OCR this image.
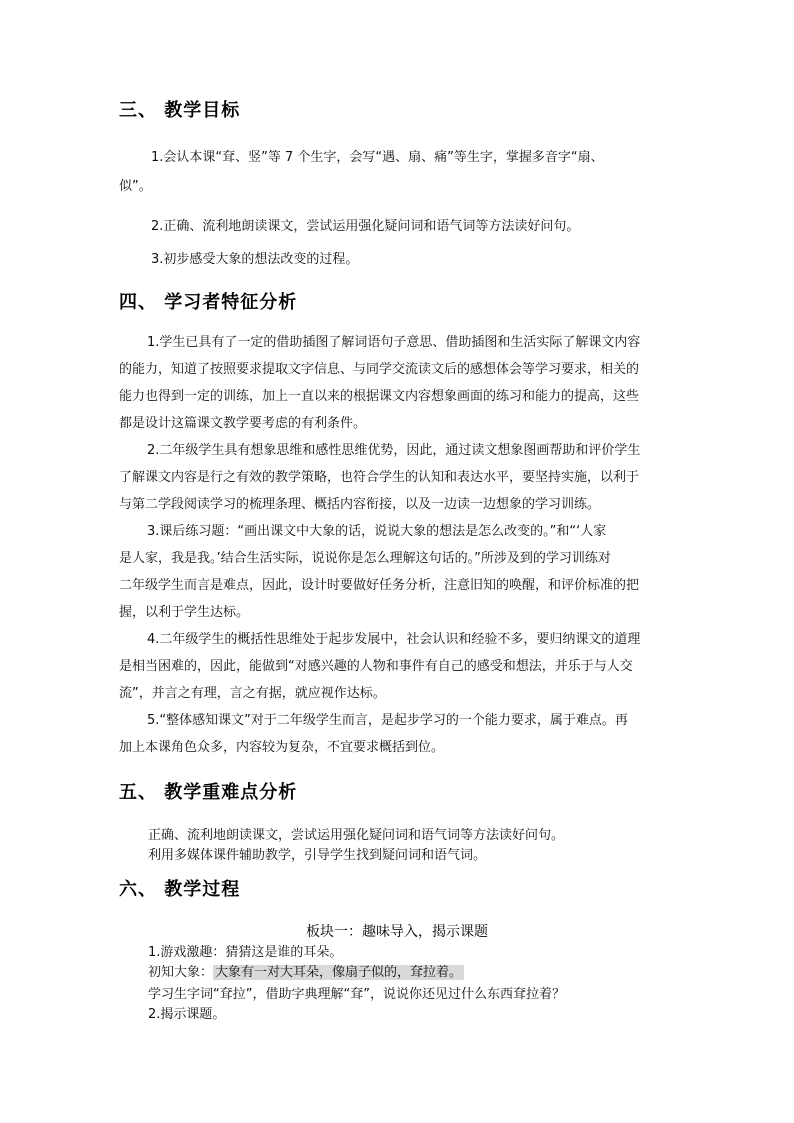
三、 教学目标
1.会认本课“耷、竖”等 7 个生字，会写“遇、扇、痛”等生字，掌握多音字“扇、
似”。
2.正确、流利地朗读课文，尝试运用强化疑问词和语气词等方法读好问句。
3.初步感受大象的想法改变的过程。
四、 学习者特征分析
1.学生已具有了一定的借助插图了解词语句子意思、借助插图和生活实际了解课文内容
的能力，知道了按照要求提取文字信息、与同学交流读文后的感想体会等学习要求，相关的
能力也得到一定的训练，加上一直以来的根据课文内容想象画面的练习和能力的提高，这些
都是设计这篇课文教学要考虑的有利条件。
2.二年级学生具有想象思维和感性思维优势，因此，通过读文想象图画帮助和评价学生
了解课文内容是行之有效的教学策略，也符合学生的认知和表达水平，要坚持实施，以利于
与第二学段阅读学习的梳理条理、概括内容衔接，以及一边读一边想象的学习训练。
3.课后练习题：“画出课文中大象的话，说说大象的想法是怎么改变的。”和“‘人家
是人家，我是我。’结合生活实际，说说你是怎么理解这句话的。”所涉及到的学习训练对
二年级学生而言是难点，因此，设计时要做好任务分析，注意旧知的唤醒，和评价标准的把
握，以利于学生达标。
4.二年级学生的概括性思维处于起步发展中，社会认识和经验不多，要归纳课文的道理
是相当困难的，因此，能做到“对感兴趣的人物和事件有自己的感受和想法，并乐于与人交
流”，并言之有理，言之有据，就应视作达标。
5.“整体感知课文”对于二年级学生而言，是起步学习的一个能力要求，属于难点。再
加上本课角色众多，内容较为复杂，不宜要求概括到位。
五、 教学重难点分析
正确、流利地朗读课文，尝试运用强化疑问词和语气词等方法读好问句。
利用多媒体课件辅助教学，引导学生找到疑问词和语气词。
六、 教学过程
板块一：趣味导入，揭示课题
1.游戏激趣：猜猜这是谁的耳朵。
初知大象： 大象有一对大耳朵，像扇子似的，耷拉着。
学习生字词“耷拉”，借助字典理解“耷”，说说你还见过什么东西耷拉着？
2.揭示课题。
